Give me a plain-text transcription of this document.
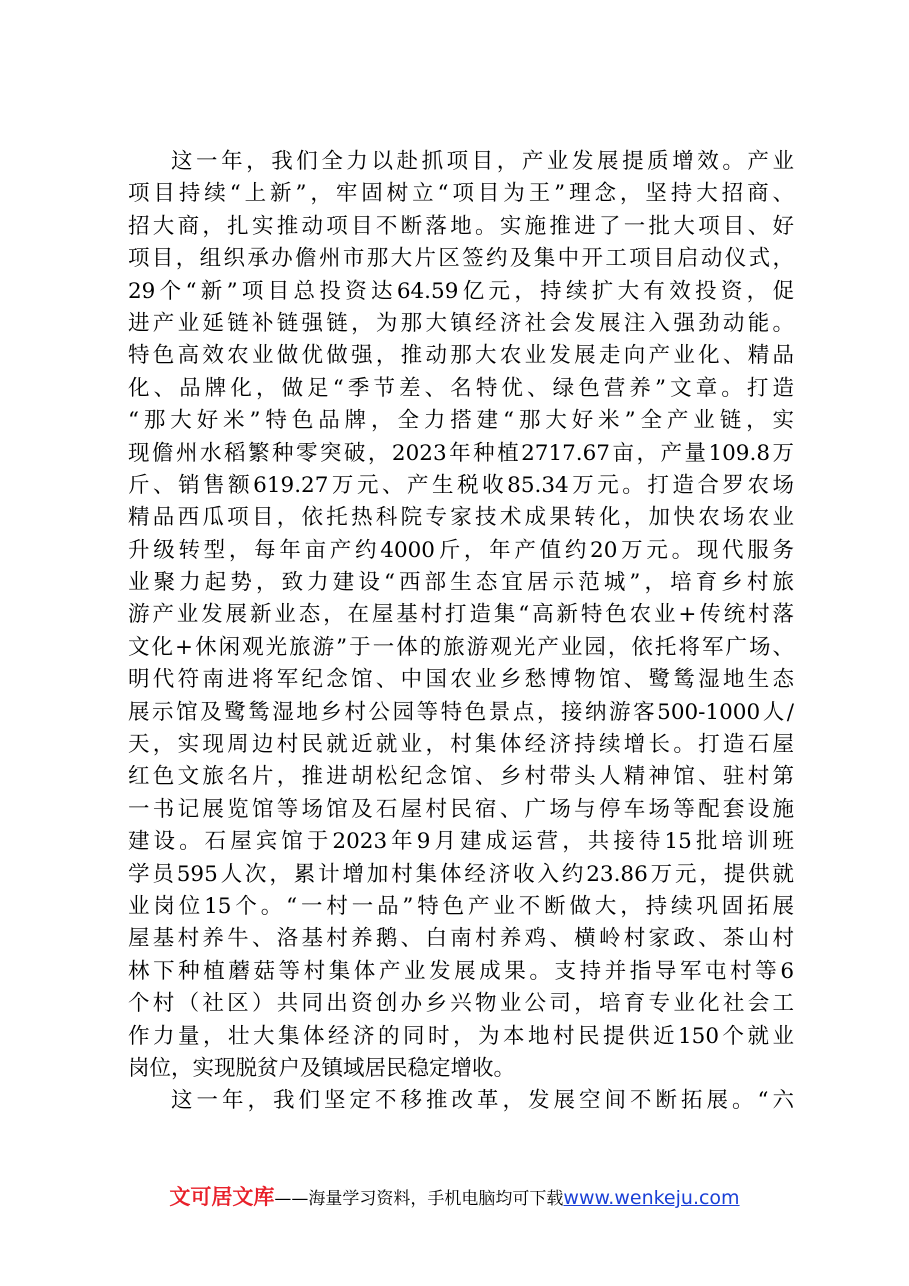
这一年，我们全力以赴抓项目，产业发展提质增效。产业
项目持续“上新”，牢固树立“项目为王”理念，坚持大招商、
招大商，扎实推动项目不断落地。实施推进了一批大项目、好
项目，组织承办儋州市那大片区签约及集中开工项目启动仪式，
29个“新”项目总投资达64.59亿元，持续扩大有效投资，促
进产业延链补链强链，为那大镇经济社会发展注入强劲动能。
特色高效农业做优做强，推动那大农业发展走向产业化、精品
化、品牌化，做足“季节差、名特优、绿色营养”文章。打造
“那大好米”特色品牌，全力搭建“那大好米”全产业链，实
现儋州水稻繁种零突破，2023年种植2717.67亩，产量109.8万
斤、销售额619.27万元、产生税收85.34万元。打造合罗农场
精品西瓜项目，依托热科院专家技术成果转化，加快农场农业
升级转型，每年亩产约4000斤，年产值约20万元。现代服务
业聚力起势，致力建设“西部生态宜居示范城”，培育乡村旅
游产业发展新业态，在屋基村打造集“高新特色农业+传统村落
文化+休闲观光旅游”于一体的旅游观光产业园，依托将军广场、
明代符南进将军纪念馆、中国农业乡愁博物馆、鹭鸶湿地生态
展示馆及鹭鸶湿地乡村公园等特色景点，接纳游客500-1000人/
天，实现周边村民就近就业，村集体经济持续增长。打造石屋
红色文旅名片，推进胡松纪念馆、乡村带头人精神馆、驻村第
一书记展览馆等场馆及石屋村民宿、广场与停车场等配套设施
建设。石屋宾馆于2023年9月建成运营，共接待15批培训班
学员595人次，累计增加村集体经济收入约23.86万元，提供就
业岗位15个。“一村一品”特色产业不断做大，持续巩固拓展
屋基村养牛、洛基村养鹅、白南村养鸡、横岭村家政、茶山村
林下种植蘑菇等村集体产业发展成果。支持并指导军屯村等6
个村（社区）共同出资创办乡兴物业公司，培育专业化社会工
作力量，壮大集体经济的同时，为本地村民提供近150个就业
岗位，实现脱贫户及镇域居民稳定增收。
这一年，我们坚定不移推改革，发展空间不断拓展。“六
文可居文库——海量学习资料，手机电脑均可下载www.wenkeju.com
